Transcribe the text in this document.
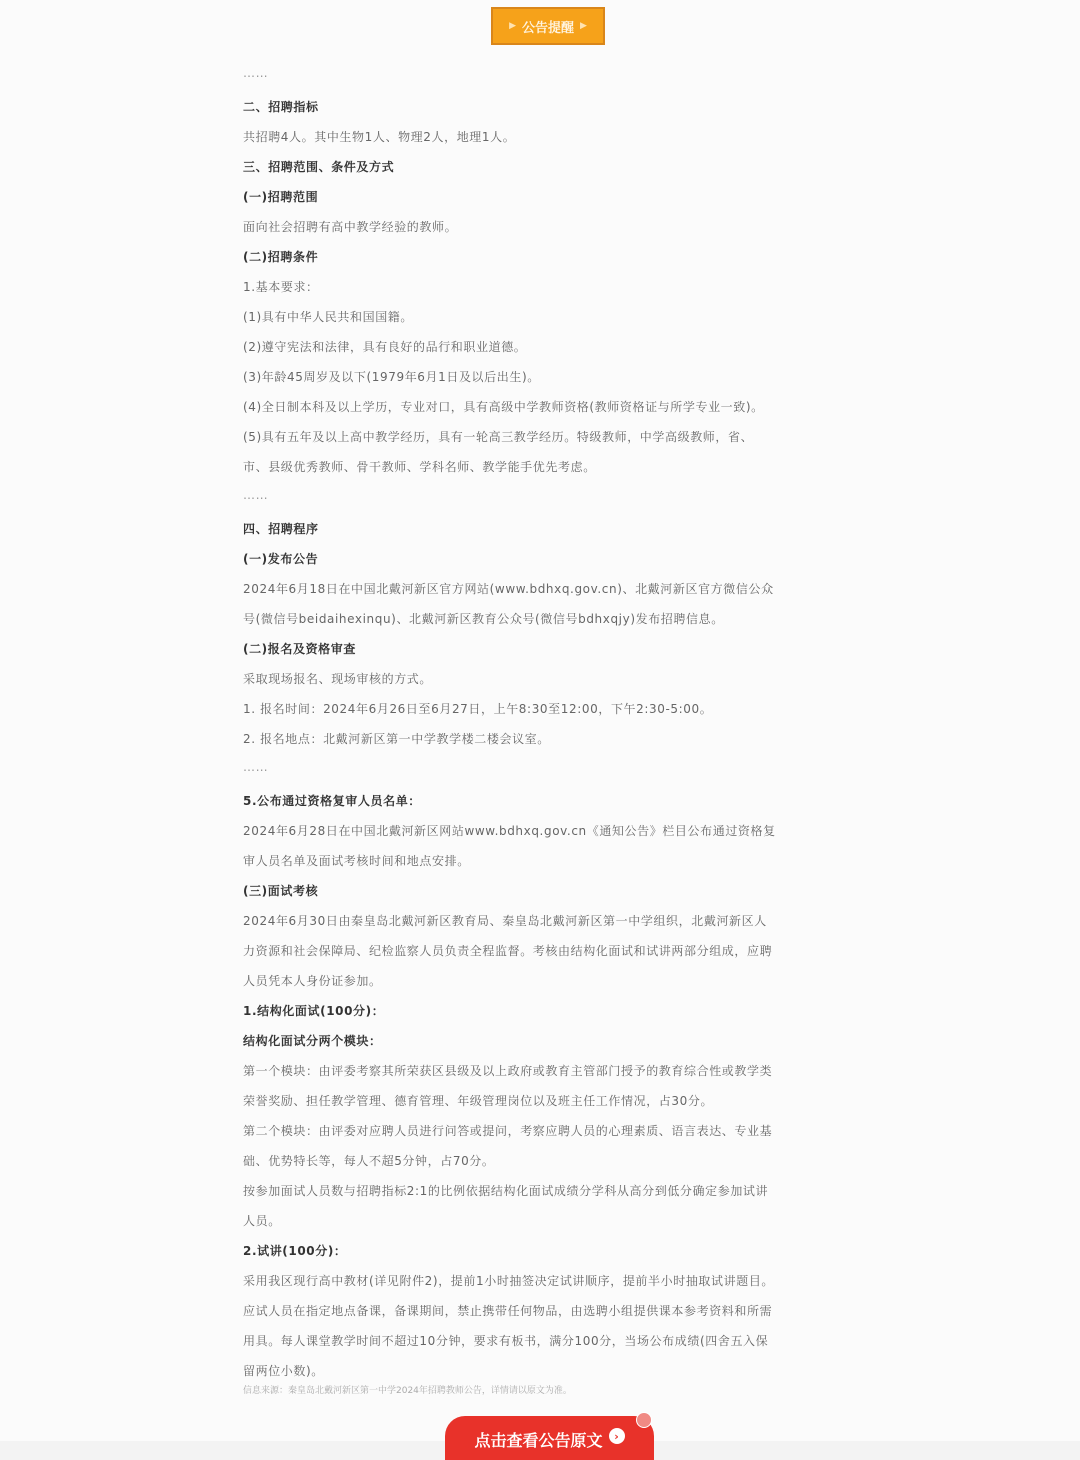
▶ 公告提醒 ▶
……
二、招聘指标
共招聘4人。其中生物1人、物理2人，地理1人。
三、招聘范围、条件及方式
(一)招聘范围
面向社会招聘有高中教学经验的教师。
(二)招聘条件
1.基本要求：
(1)具有中华人民共和国国籍。
(2)遵守宪法和法律，具有良好的品行和职业道德。
(3)年龄45周岁及以下(1979年6月1日及以后出生)。
(4)全日制本科及以上学历，专业对口，具有高级中学教师资格(教师资格证与所学专业一致)。
(5)具有五年及以上高中教学经历，具有一轮高三教学经历。特级教师，中学高级教师，省、
市、县级优秀教师、骨干教师、学科名师、教学能手优先考虑。
……
四、招聘程序
(一)发布公告
2024年6月18日在中国北戴河新区官方网站(www.bdhxq.gov.cn)、北戴河新区官方微信公众
号(微信号beidaihexinqu)、北戴河新区教育公众号(微信号bdhxqjy)发布招聘信息。
(二)报名及资格审查
采取现场报名、现场审核的方式。
1. 报名时间：2024年6月26日至6月27日，上午8:30至12:00，下午2:30-5:00。
2. 报名地点：北戴河新区第一中学教学楼二楼会议室。
……
5.公布通过资格复审人员名单：
2024年6月28日在中国北戴河新区网站www.bdhxq.gov.cn《通知公告》栏目公布通过资格复
审人员名单及面试考核时间和地点安排。
(三)面试考核
2024年6月30日由秦皇岛北戴河新区教育局、秦皇岛北戴河新区第一中学组织，北戴河新区人
力资源和社会保障局、纪检监察人员负责全程监督。考核由结构化面试和试讲两部分组成，应聘
人员凭本人身份证参加。
1.结构化面试(100分)：
结构化面试分两个模块：
第一个模块：由评委考察其所荣获区县级及以上政府或教育主管部门授予的教育综合性或教学类
荣誉奖励、担任教学管理、德育管理、年级管理岗位以及班主任工作情况，占30分。
第二个模块：由评委对应聘人员进行问答或提问，考察应聘人员的心理素质、语言表达、专业基
础、优势特长等，每人不超5分钟，占70分。
按参加面试人员数与招聘指标2:1的比例依据结构化面试成绩分学科从高分到低分确定参加试讲
人员。
2.试讲(100分)：
采用我区现行高中教材(详见附件2)，提前1小时抽签决定试讲顺序，提前半小时抽取试讲题目。
应试人员在指定地点备课，备课期间，禁止携带任何物品，由选聘小组提供课本参考资料和所需
用具。每人课堂教学时间不超过10分钟，要求有板书，满分100分，当场公布成绩(四舍五入保
留两位小数)。
信息来源：秦皇岛北戴河新区第一中学2024年招聘教师公告，详情请以原文为准。
点击查看公告原文	›
